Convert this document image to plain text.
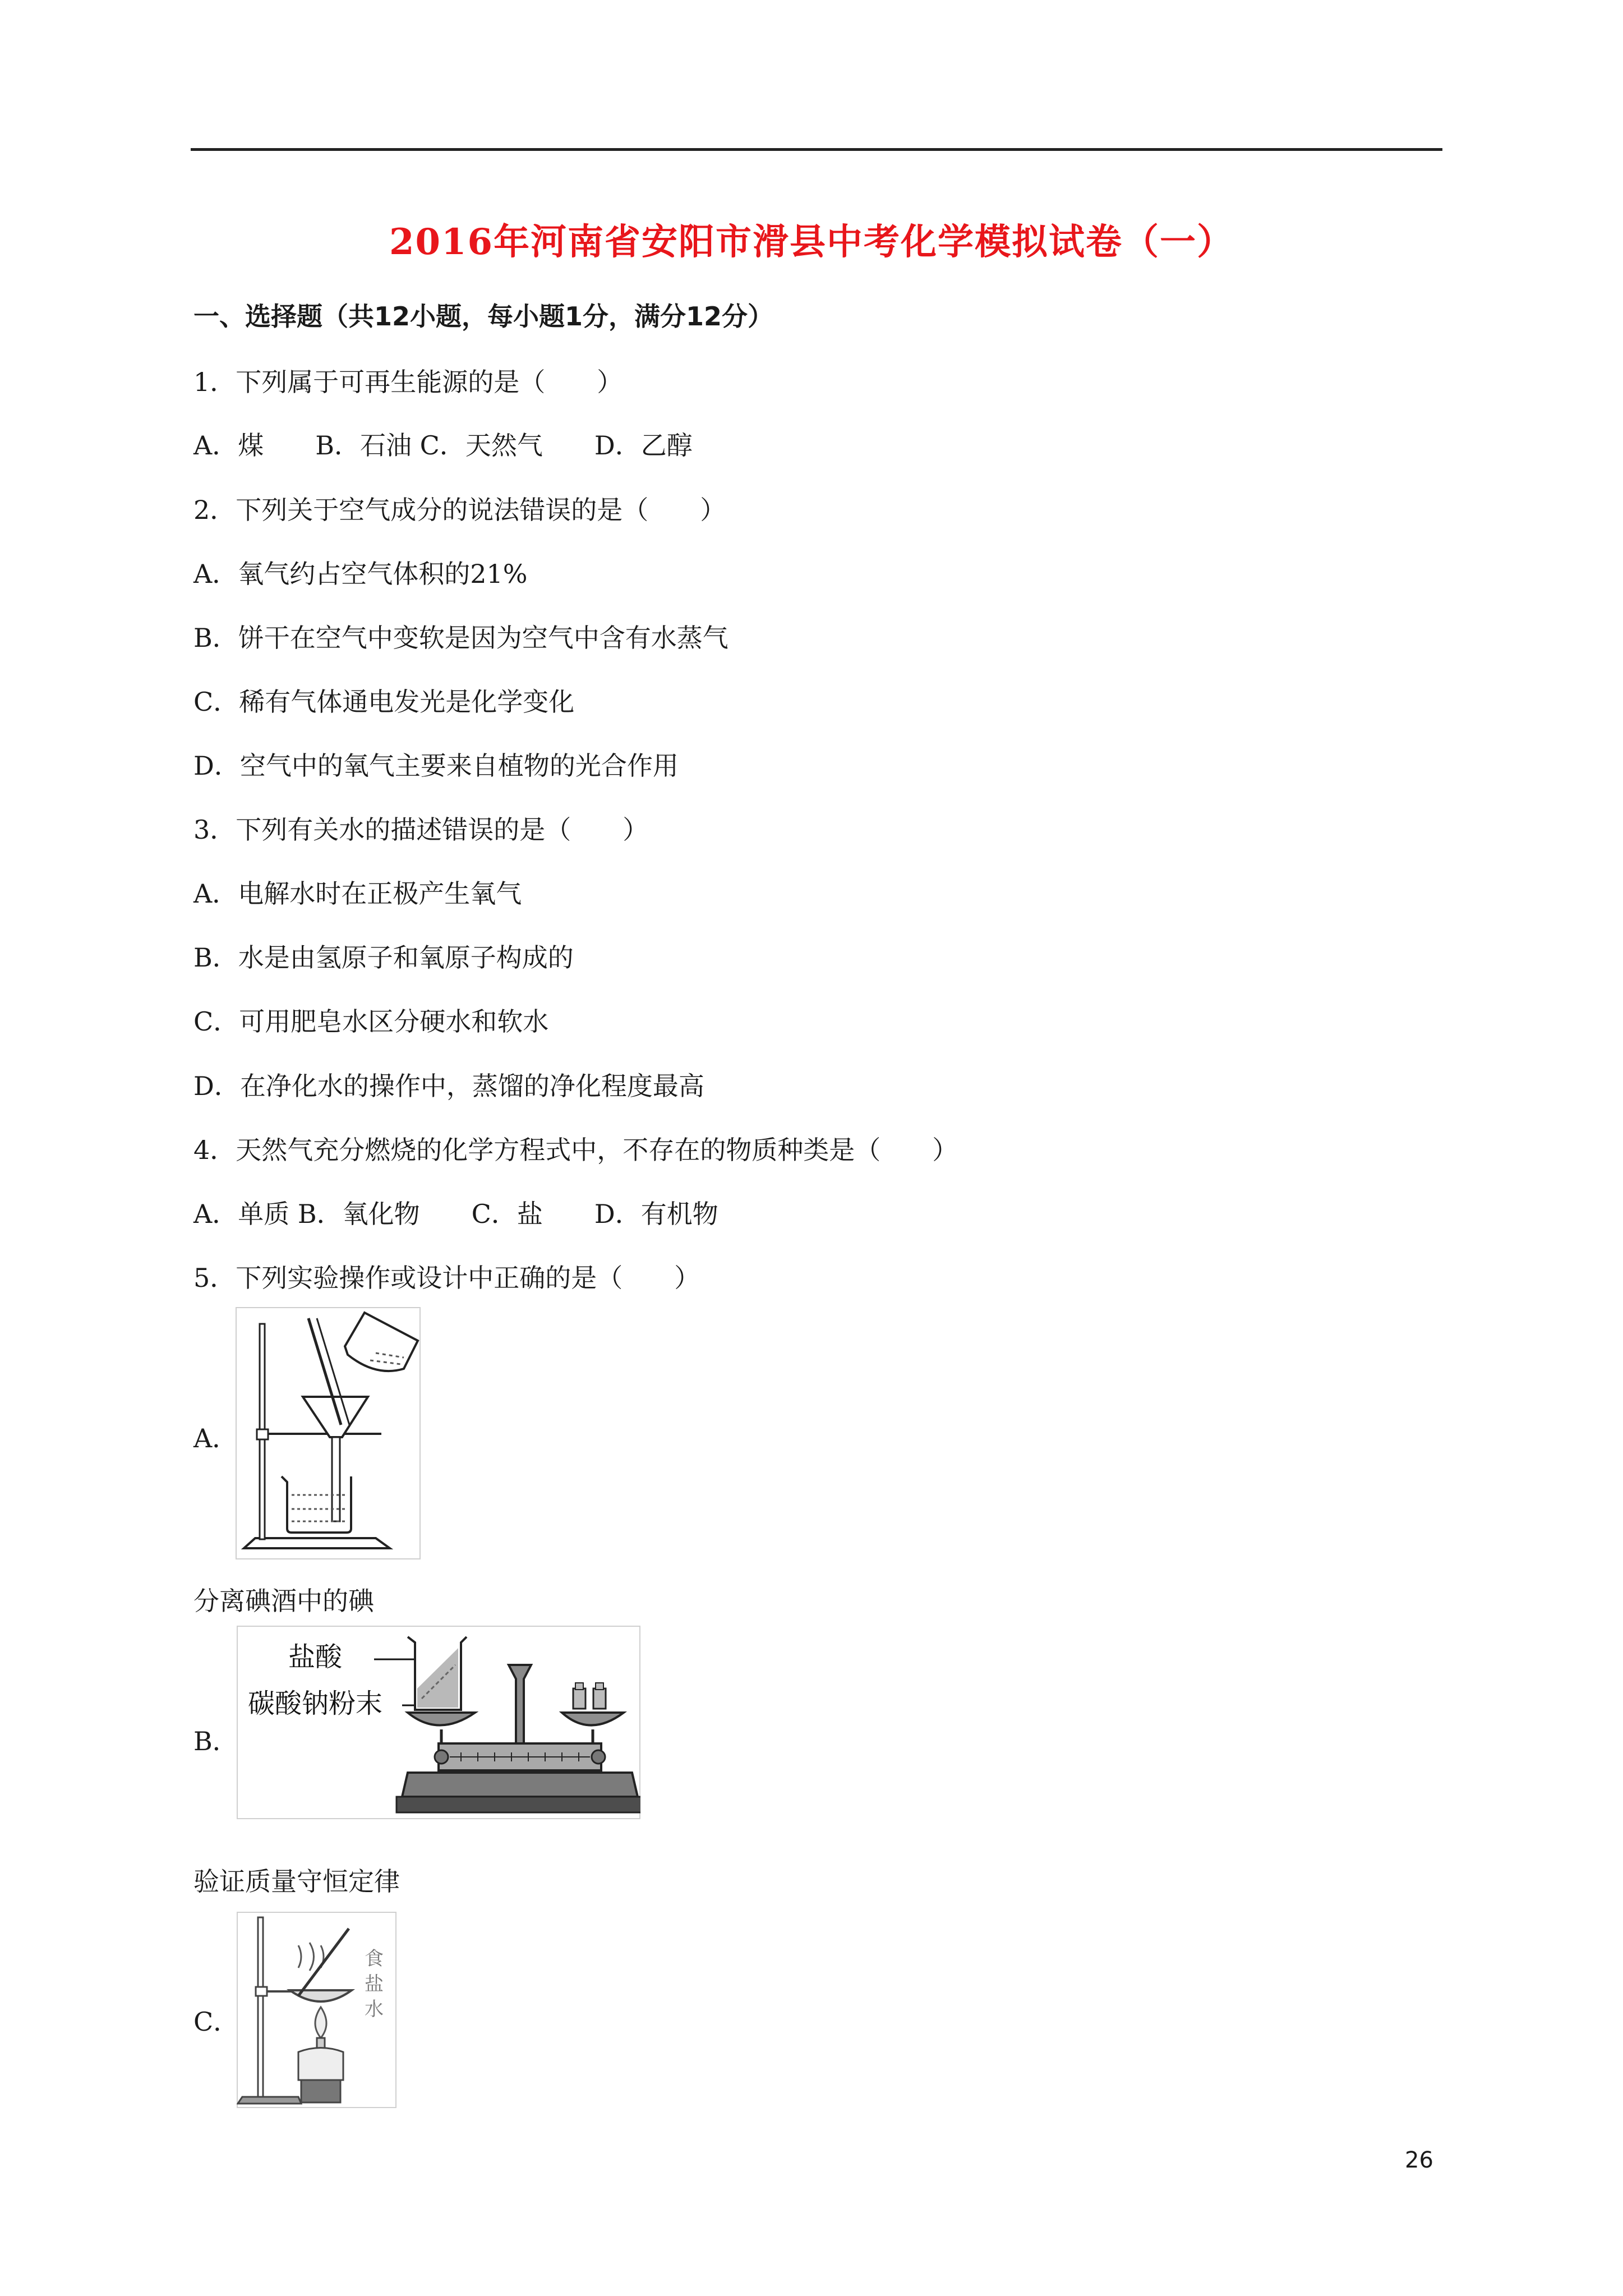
2016年河南省安阳市滑县中考化学模拟试卷（一）
一、选择题（共12小题，每小题1分，满分12分）
1．下列属于可再生能源的是（　　）
A．煤　　B．石油 C．天然气　　D．乙醇
2．下列关于空气成分的说法错误的是（　　）
A．氧气约占空气体积的21%
B．饼干在空气中变软是因为空气中含有水蒸气
C．稀有气体通电发光是化学变化
D．空气中的氧气主要来自植物的光合作用
3．下列有关水的描述错误的是（　　）
A．电解水时在正极产生氧气
B．水是由氢原子和氧原子构成的
C．可用肥皂水区分硬水和软水
D．在净化水的操作中，蒸馏的净化程度最高
4．天然气充分燃烧的化学方程式中，不存在的物质种类是（　　）
A．单质 B．氧化物　　C．盐　　D．有机物
5．下列实验操作或设计中正确的是（　　）
A．
分离碘酒中的碘
B．
盐酸
碳酸钠粉末
验证质量守恒定律
C．
食
盐
水
26
